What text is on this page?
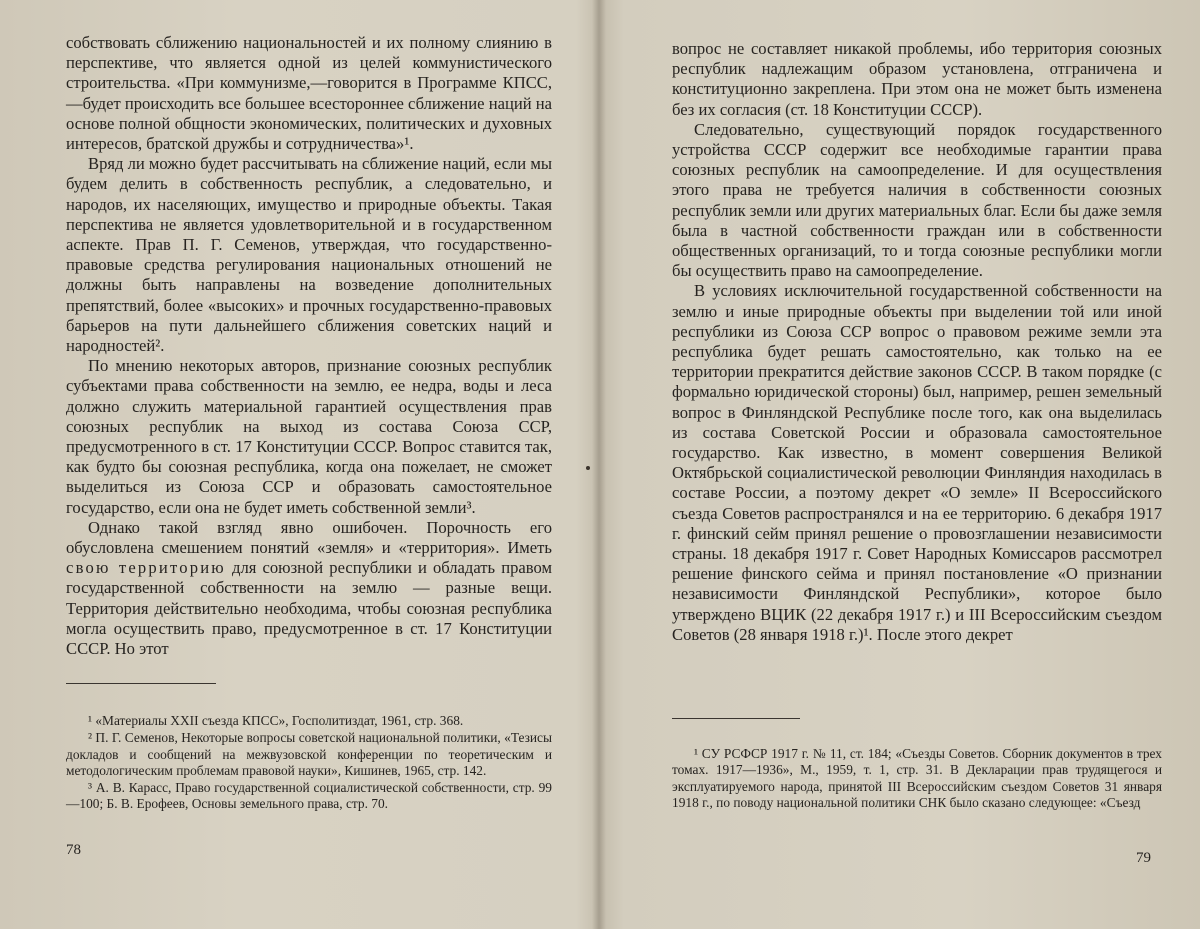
собствовать сближению национальностей и их полному слиянию в перспективе, что является одной из целей коммунистического строительства. «При коммунизме,—говорится в Программе КПСС,—будет происходить все большее всестороннее сближение наций на основе полной общности экономических, политических и духовных интересов, братской дружбы и сотрудничества»¹.

Вряд ли можно будет рассчитывать на сближение наций, если мы будем делить в собственность республик, а следовательно, и народов, их населяющих, имущество и природные объекты. Такая перспектива не является удовлетворительной и в государственном аспекте. Прав П. Г. Семенов, утверждая, что государственно-правовые средства регулирования национальных отношений не должны быть направлены на возведение дополнительных препятствий, более «высоких» и прочных государственно-правовых барьеров на пути дальнейшего сближения советских наций и народностей².

По мнению некоторых авторов, признание союзных республик субъектами права собственности на землю, ее недра, воды и леса должно служить материальной гарантией осуществления прав союзных республик на выход из состава Союза ССР, предусмотренного в ст. 17 Конституции СССР. Вопрос ставится так, как будто бы союзная республика, когда она пожелает, не сможет выделиться из Союза ССР и образовать самостоятельное государство, если она не будет иметь собственной земли³.

Однако такой взгляд явно ошибочен. Порочность его обусловлена смешением понятий «земля» и «территория». Иметь свою территорию для союзной республики и обладать правом государственной собственности на землю — разные вещи. Территория действительно необходима, чтобы союзная республика могла осуществить право, предусмотренное в ст. 17 Конституции СССР. Но этот

¹ «Материалы XXII съезда КПСС», Госполитиздат, 1961, стр. 368.

² П. Г. Семенов, Некоторые вопросы советской национальной политики, «Тезисы докладов и сообщений на межвузовской конференции по теоретическим и методологическим проблемам правовой науки», Кишинев, 1965, стр. 142.

³ А. В. Карасс, Право государственной социалистической собственности, стр. 99—100; Б. В. Ерофеев, Основы земельного права, стр. 70.

78

вопрос не составляет никакой проблемы, ибо территория союзных республик надлежащим образом установлена, отграничена и конституционно закреплена. При этом она не может быть изменена без их согласия (ст. 18 Конституции СССР).

Следовательно, существующий порядок государственного устройства СССР содержит все необходимые гарантии права союзных республик на самоопределение. И для осуществления этого права не требуется наличия в собственности союзных республик земли или других материальных благ. Если бы даже земля была в частной собственности граждан или в собственности общественных организаций, то и тогда союзные республики могли бы осуществить право на самоопределение.

В условиях исключительной государственной собственности на землю и иные природные объекты при выделении той или иной республики из Союза ССР вопрос о правовом режиме земли эта республика будет решать самостоятельно, как только на ее территории прекратится действие законов СССР. В таком порядке (с формально юридической стороны) был, например, решен земельный вопрос в Финляндской Республике после того, как она выделилась из состава Советской России и образовала самостоятельное государство. Как известно, в момент совершения Великой Октябрьской социалистической революции Финляндия находилась в составе России, а поэтому декрет «О земле» II Всероссийского съезда Советов распространялся и на ее территорию. 6 декабря 1917 г. финский сейм принял решение о провозглашении независимости страны. 18 декабря 1917 г. Совет Народных Комиссаров рассмотрел решение финского сейма и принял постановление «О признании независимости Финляндской Республики», которое было утверждено ВЦИК (22 декабря 1917 г.) и III Всероссийским съездом Советов (28 января 1918 г.)¹. После этого декрет

¹ СУ РСФСР 1917 г. № 11, ст. 184; «Съезды Советов. Сборник документов в трех томах. 1917—1936», М., 1959, т. 1, стр. 31. В Декларации прав трудящегося и эксплуатируемого народа, принятой III Всероссийским съездом Советов 31 января 1918 г., по поводу национальной политики СНК было сказано следующее: «Съезд

79
